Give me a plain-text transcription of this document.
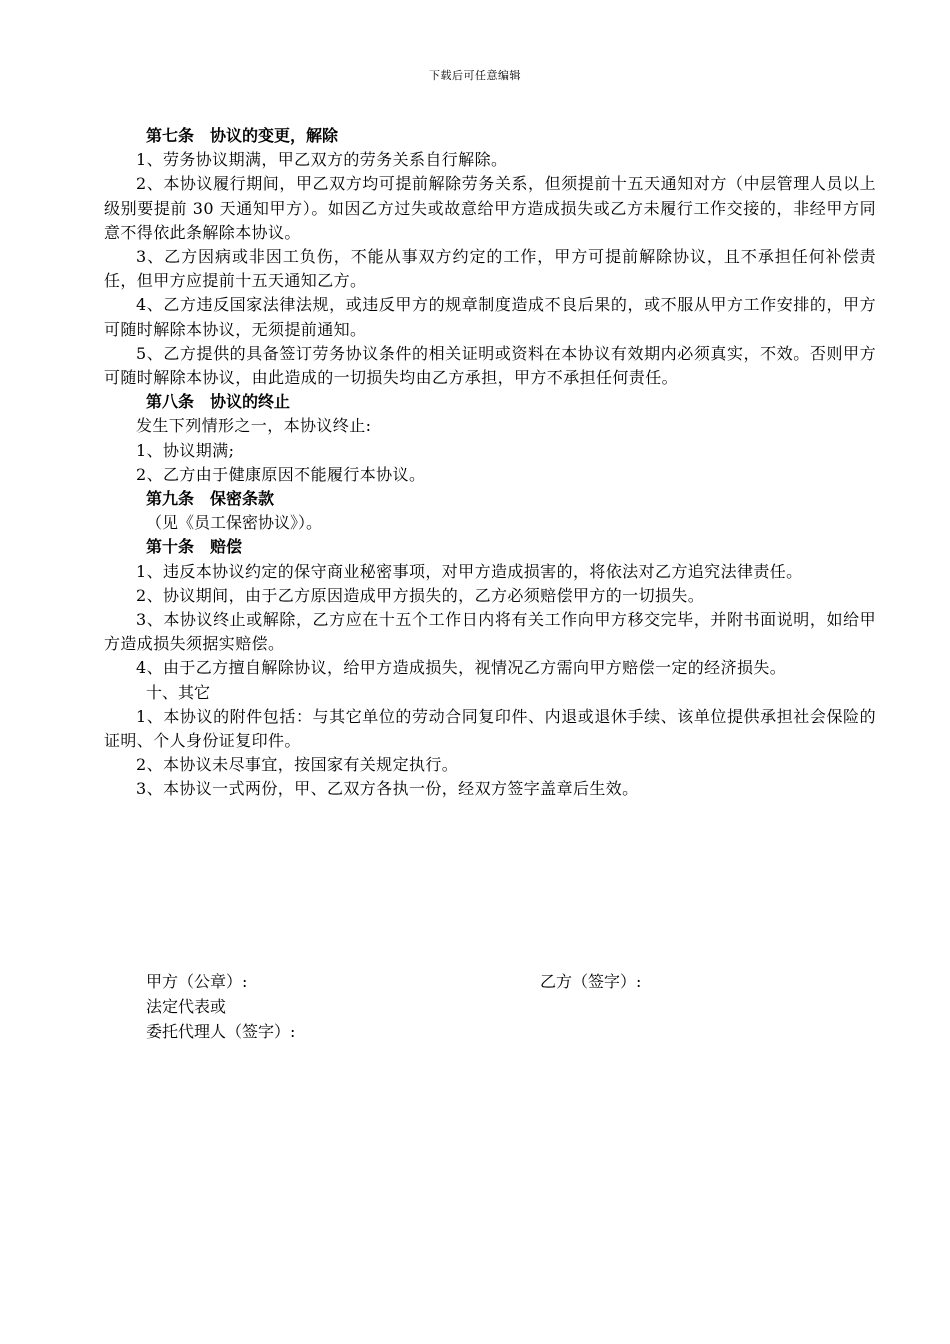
下载后可任意编辑
第七条　协议的变更，解除
1、劳务协议期满，甲乙双方的劳务关系自行解除。
2、本协议履行期间，甲乙双方均可提前解除劳务关系，但须提前十五天通知对方（中层管理人员以上级别要提前 30 天通知甲方）。如因乙方过失或故意给甲方造成损失或乙方未履行工作交接的，非经甲方同意不得依此条解除本协议。
3、乙方因病或非因工负伤，不能从事双方约定的工作，甲方可提前解除协议，且不承担任何补偿责任，但甲方应提前十五天通知乙方。
4、乙方违反国家法律法规，或违反甲方的规章制度造成不良后果的，或不服从甲方工作安排的，甲方可随时解除本协议，无须提前通知。
5、乙方提供的具备签订劳务协议条件的相关证明或资料在本协议有效期内必须真实，不效。否则甲方可随时解除本协议，由此造成的一切损失均由乙方承担，甲方不承担任何责任。
第八条　协议的终止
发生下列情形之一，本协议终止:
1、协议期满;
2、乙方由于健康原因不能履行本协议。
第九条　保密条款
（见《员工保密协议》）。
第十条　赔偿
1、违反本协议约定的保守商业秘密事项，对甲方造成损害的，将依法对乙方追究法律责任。
2、协议期间，由于乙方原因造成甲方损失的，乙方必须赔偿甲方的一切损失。
3、本协议终止或解除，乙方应在十五个工作日内将有关工作向甲方移交完毕，并附书面说明，如给甲方造成损失须据实赔偿。
4、由于乙方擅自解除协议，给甲方造成损失，视情况乙方需向甲方赔偿一定的经济损失。
十、其它
1、本协议的附件包括：与其它单位的劳动合同复印件、内退或退休手续、该单位提供承担社会保险的证明、个人身份证复印件。
2、本协议未尽事宜，按国家有关规定执行。
3、本协议一式两份，甲、乙双方各执一份，经双方签字盖章后生效。
甲方（公章）:	乙方（签字）:
法定代表或
委托代理人（签字）:
